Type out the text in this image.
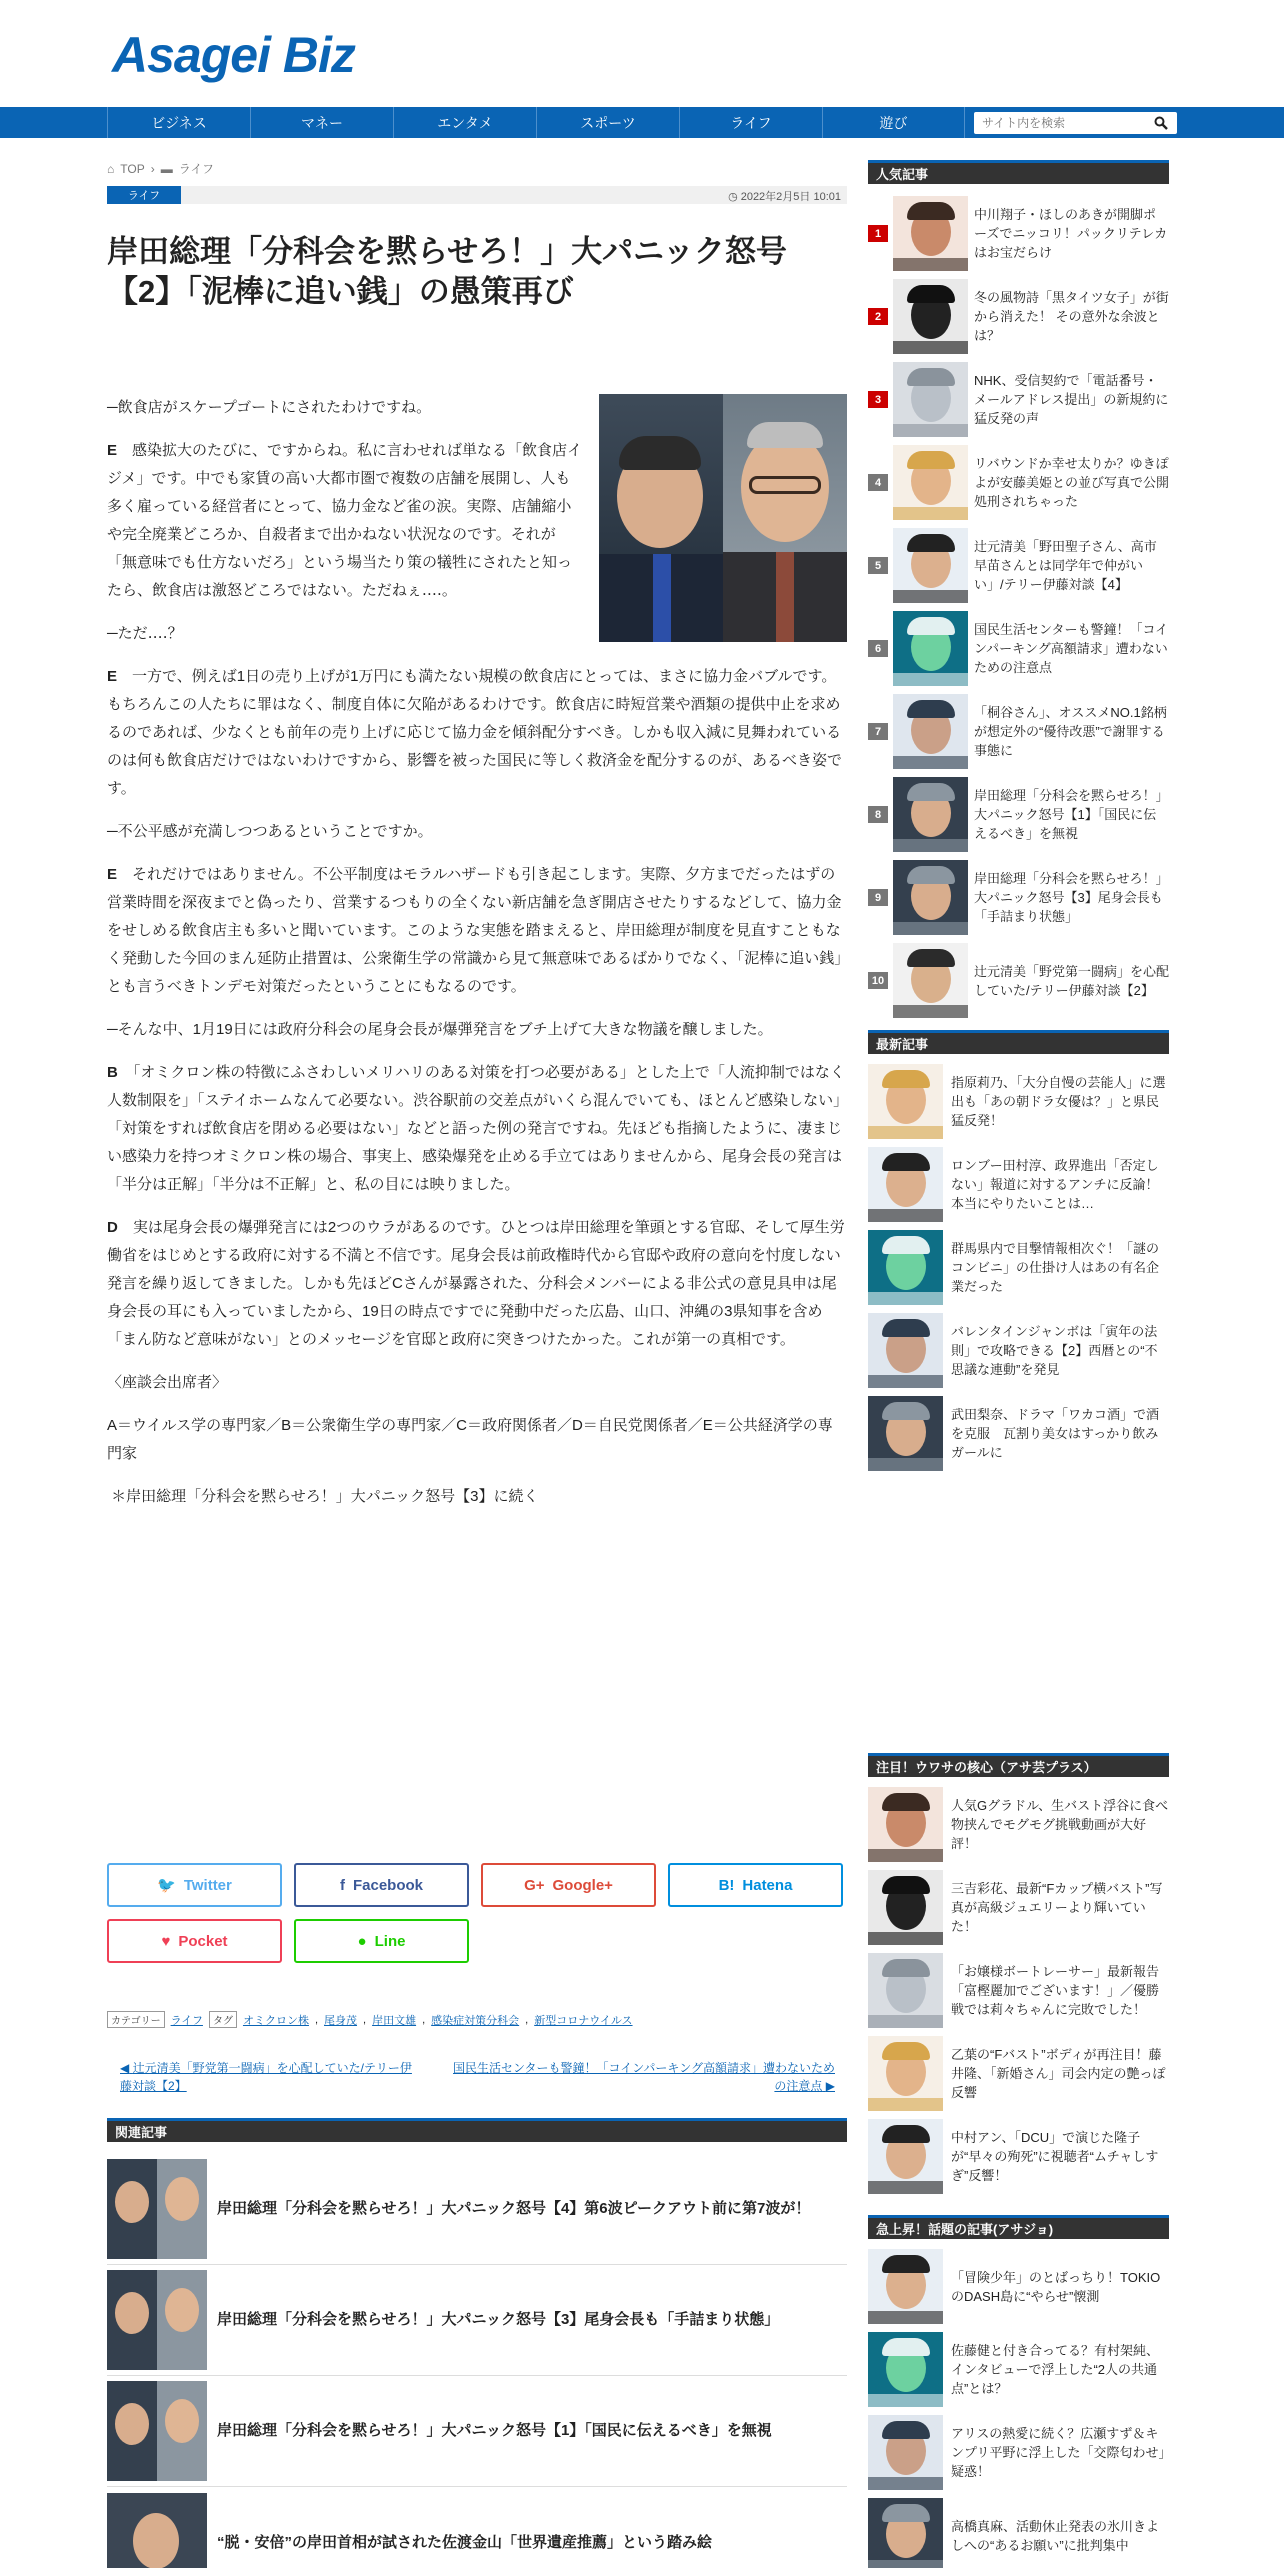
Asagei Biz
ビジネス	マネー	エンタメ	スポーツ	ライフ	遊び
サイト内を検索
⌂ TOP › ▬ ライフ
ライフ	◷ 2022年2月5日 10:01
岸田総理「分科会を黙らせろ！」大パニック怒号【2】「泥棒に追い銭」の愚策再び

─飲食店がスケープゴートにされたわけですね。

E　 感染拡大のたびに、ですからね。私に言わせれば単なる「飲食店イジメ」です。中でも家賃の高い大都市圏で複数の店舗を展開し、人も多く雇っている経営者にとって、協力金など雀の涙。実際、店舗縮小や完全廃業どころか、自殺者まで出かねない状況なのです。それが「無意味でも仕方ないだろ」という場当たり策の犠牲にされたと知ったら、飲食店は激怒どころではない。ただねぇ‥‥。

─ただ‥‥？

E　 一方で、例えば1日の売り上げが1万円にも満たない規模の飲食店にとっては、まさに協力金バブルです。もちろんこの人たちに罪はなく、制度自体に欠陥があるわけです。飲食店に時短営業や酒類の提供中止を求めるのであれば、少なくとも前年の売り上げに応じて協力金を傾斜配分すべき。しかも収入減に見舞われているのは何も飲食店だけではないわけですから、影響を被った国民に等しく救済金を配分するのが、あるべき姿です。

─不公平感が充満しつつあるということですか。

E　 それだけではありません。不公平制度はモラルハザードも引き起こします。実際、夕方までだったはずの営業時間を深夜までと偽ったり、営業するつもりの全くない新店舗を急ぎ開店させたりするなどして、協力金をせしめる飲食店主も多いと聞いています。このような実態を踏まえると、岸田総理が制度を見直すこともなく発動した今回のまん延防止措置は、公衆衛生学の常識から見て無意味であるばかりでなく、「泥棒に追い銭」とも言うべきトンデモ対策だったということにもなるのです。

─そんな中、1月19日には政府分科会の尾身会長が爆弾発言をブチ上げて大きな物議を醸しました。

B　 「オミクロン株の特徴にふさわしいメリハリのある対策を打つ必要がある」とした上で「人流抑制ではなく人数制限を」「ステイホームなんて必要ない。渋谷駅前の交差点がいくら混んでいても、ほとんど感染しない」「対策をすれば飲食店を閉める必要はない」などと語った例の発言ですね。先ほども指摘したように、凄まじい感染力を持つオミクロン株の場合、事実上、感染爆発を止める手立てはありませんから、尾身会長の発言は「半分は正解」「半分は不正解」と、私の目には映りました。

D　 実は尾身会長の爆弾発言には2つのウラがあるのです。ひとつは岸田総理を筆頭とする官邸、そして厚生労働省をはじめとする政府に対する不満と不信です。尾身会長は前政権時代から官邸や政府の意向を忖度しない発言を繰り返してきました。しかも先ほどCさんが暴露された、分科会メンバーによる非公式の意見具申は尾身会長の耳にも入っていましたから、19日の時点ですでに発動中だった広島、山口、沖縄の3県知事を含め「まん防など意味がない」とのメッセージを官邸と政府に突きつけたかった。これが第一の真相です。

〈座談会出席者〉

A＝ウイルス学の専門家／B＝公衆衛生学の専門家／C＝政府関係者／D＝自民党関係者／E＝公共経済学の専門家

＊岸田総理「分科会を黙らせろ！」大パニック怒号【3】に続く

🐦 Twitter	f Facebook	G+ Google+	B! Hatena
♥ Pocket	● Line
カテゴリー ライフ	タグ オミクロン株 , 尾身茂 , 岸田文雄 , 感染症対策分科会 , 新型コロナウイルス
◀ 辻元清美「野党第一闘病」を心配していた/テリー伊藤対談【2】
国民生活センターも警鐘！「コインパーキング高額請求」遭わないための注意点 ▶
関連記事
岸田総理「分科会を黙らせろ！」大パニック怒号【4】第6波ピークアウト前に第7波が！
岸田総理「分科会を黙らせろ！」大パニック怒号【3】尾身会長も「手詰まり状態」
岸田総理「分科会を黙らせろ！」大パニック怒号【1】「国民に伝えるべき」を無視
“脱・安倍”の岸田首相が試された佐渡金山「世界遺産推薦」という踏み絵
人気記事
1
中川翔子・ほしのあきが開脚ポーズでニッコリ！パックリテレカはお宝だらけ
2
冬の風物詩「黒タイツ女子」が街から消えた！ その意外な余波とは？
3
NHK、受信契約で「電話番号・メールアドレス提出」の新規約に猛反発の声
4
リバウンドか幸せ太りか？ゆきぽよが安藤美姫との並び写真で公開処刑されちゃった
5
辻元清美「野田聖子さん、高市早苗さんとは同学年で仲がいい」/テリー伊藤対談【4】
6
国民生活センターも警鐘！「コインパーキング高額請求」遭わないための注意点
7
「桐谷さん」、オススメNO.1銘柄が想定外の“優待改悪”で謝罪する事態に
8
岸田総理「分科会を黙らせろ！」大パニック怒号【1】「国民に伝えるべき」を無視
9
岸田総理「分科会を黙らせろ！」大パニック怒号【3】尾身会長も「手詰まり状態」
10
辻元清美「野党第一闘病」を心配していた/テリー伊藤対談【2】
最新記事
指原莉乃、「大分自慢の芸能人」に選出も「あの朝ドラ女優は？」と県民猛反発！
ロンブー田村淳、政界進出「否定しない」報道に対するアンチに反論！本当にやりたいことは…
群馬県内で目撃情報相次ぐ！「謎のコンビニ」の仕掛け人はあの有名企業だった
バレンタインジャンボは「寅年の法則」で攻略できる【2】西暦との“不思議な連動”を発見
武田梨奈、ドラマ「ワカコ酒」で酒を克服　瓦割り美女はすっかり飲みガールに
注目！ウワサの核心（アサ芸プラス）
人気Gグラドル、生バスト浮谷に食べ物挟んでモグモグ挑戦動画が大好評！
三吉彩花、最新“Fカップ横バスト”写真が高級ジュエリーより輝いていた！
「お嬢様ボートレーサー」最新報告「富樫麗加でございます！」／優勝戦では莉々ちゃんに完敗でした！
乙葉の“Fバスト”ボディが再注目！藤井隆、「新婚さん」司会内定の艶っぽ反響
中村アン、「DCU」で演じた隆子が“早々の殉死”に視聴者“ムチャしすぎ”反響！
急上昇！話題の記事(アサジョ)
「冒険少年」のとばっちり！TOKIOのDASH島に“やらせ”懐測
佐藤健と付き合ってる？有村架純、インタビューで浮上した“2人の共通点”とは？
アリスの熱愛に続く？広瀬すず＆キンプリ平野に浮上した「交際匂わせ」疑惑！
高橋真麻、活動休止発表の氷川きよしへの“あるお願い”に批判集中
